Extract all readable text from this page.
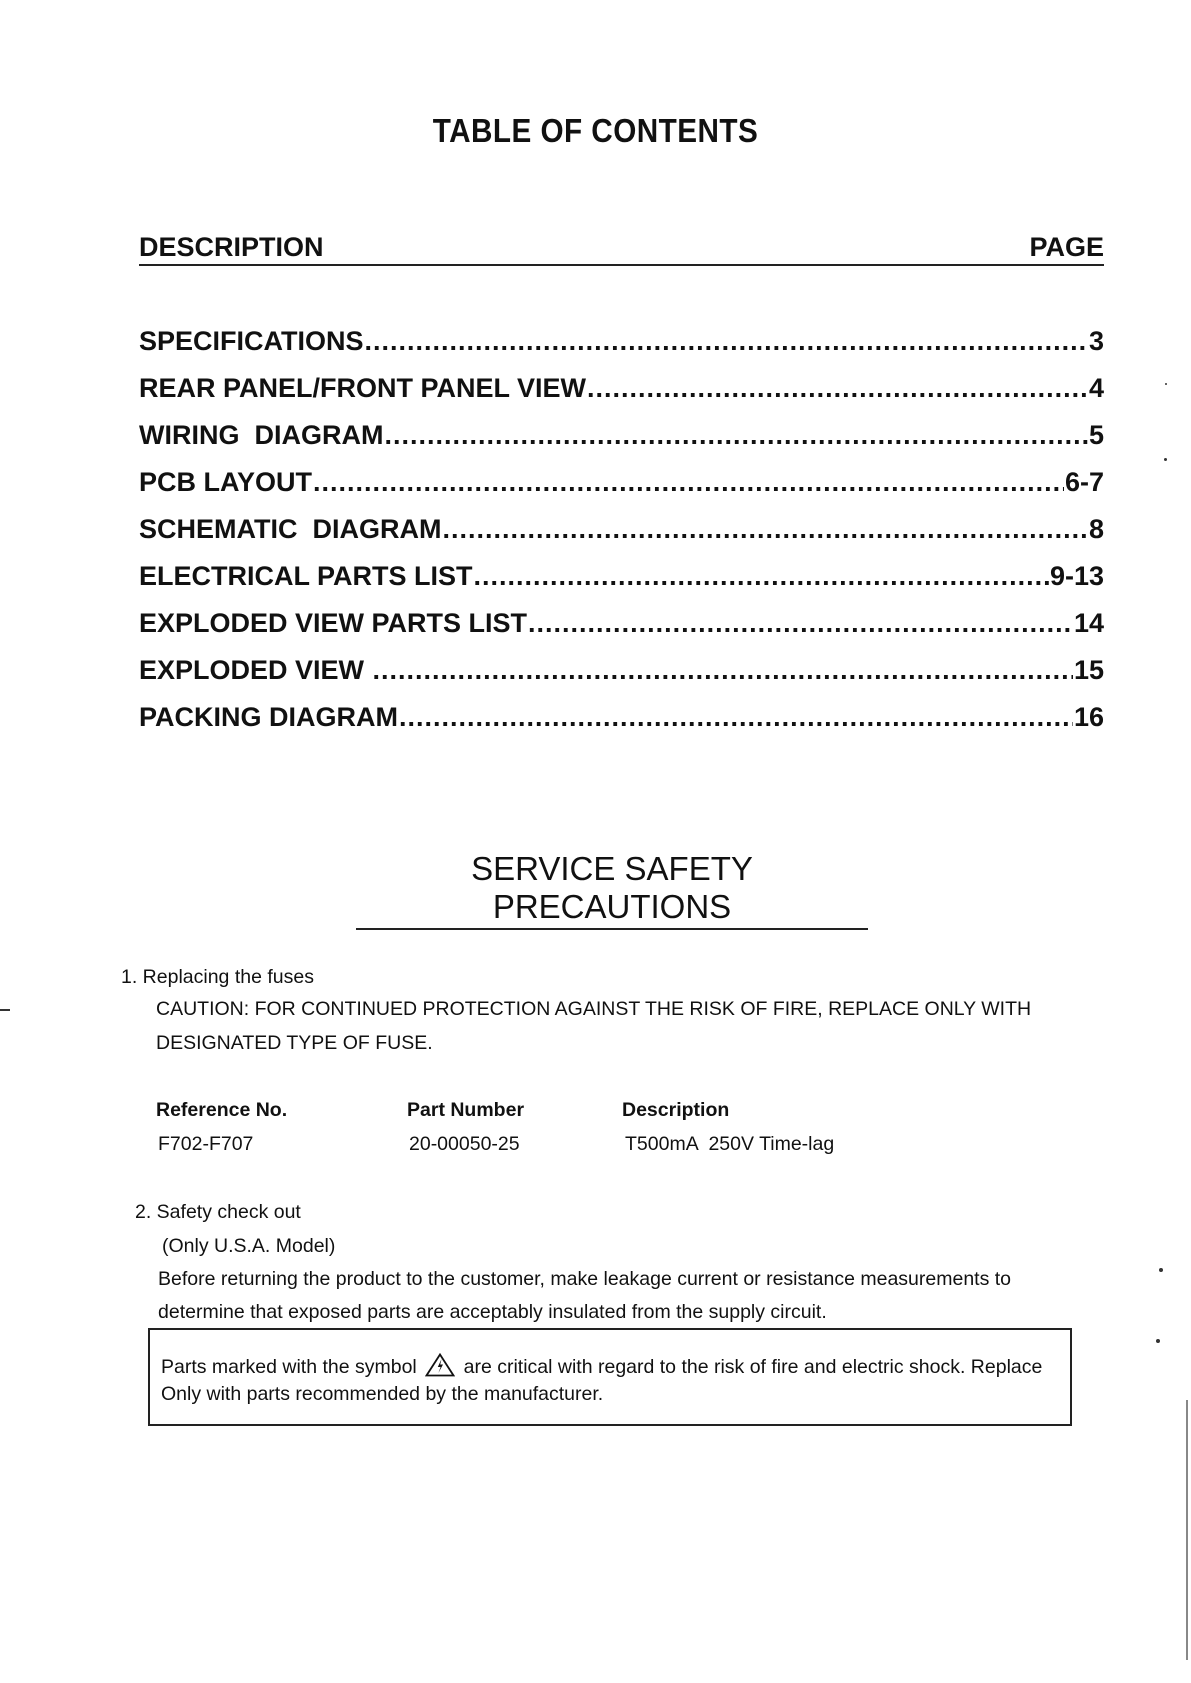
TABLE OF CONTENTS
DESCRIPTION	PAGE
SPECIFICATIONS .....	3
REAR PANEL/FRONT PANEL VIEW .....	4
WIRING  DIAGRAM .....	5
PCB LAYOUT .....	6-7
SCHEMATIC  DIAGRAM .....	8
ELECTRICAL PARTS LIST .....	9-13
EXPLODED VIEW PARTS LIST .....	14
EXPLODED VIEW .....	15
PACKING DIAGRAM .....	16
SERVICE SAFETY PRECAUTIONS
1. Replacing the fuses
CAUTION: FOR CONTINUED PROTECTION AGAINST THE RISK OF FIRE, REPLACE ONLY WITH
DESIGNATED TYPE OF FUSE.
Reference No.	Part Number	Description
F702-F707	20-00050-25	T500mA  250V Time-lag
2. Safety check out
(Only U.S.A. Model)
Before returning the product to the customer, make leakage current or resistance measurements to
determine that exposed parts are acceptably insulated from the supply circuit.
Parts marked with the symbol are critical with regard to the risk of fire and electric shock. Replace
Only with parts recommended by the manufacturer.
